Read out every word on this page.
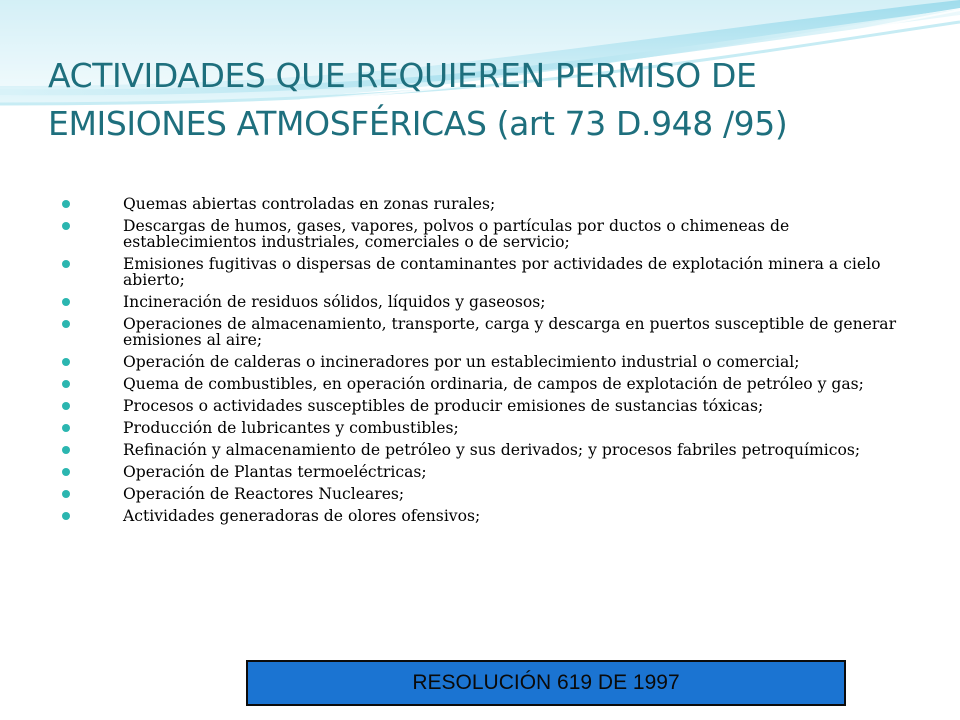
ACTIVIDADES QUE REQUIEREN PERMISO DE
EMISIONES ATMOSFÉRICAS (art 73 D.948 /95)
Quemas abiertas controladas en zonas rurales;
Descargas de humos, gases, vapores, polvos o partículas por ductos o chimeneas de establecimientos industriales, comerciales o de servicio;
Emisiones fugitivas o dispersas de contaminantes por actividades de explotación minera a cielo abierto;
Incineración de residuos sólidos, líquidos y gaseosos;
Operaciones de almacenamiento, transporte, carga y descarga en puertos susceptible de generar emisiones al aire;
Operación de calderas o incineradores por un establecimiento industrial o comercial;
Quema de combustibles, en operación ordinaria, de campos de explotación de petróleo y gas;
Procesos o actividades susceptibles de producir emisiones de sustancias tóxicas;
Producción de lubricantes y combustibles;
Refinación y almacenamiento de petróleo y sus derivados; y procesos fabriles petroquímicos;
Operación de Plantas termoeléctricas;
Operación de Reactores Nucleares;
Actividades generadoras de olores ofensivos;
RESOLUCIÓN 619 DE 1997
